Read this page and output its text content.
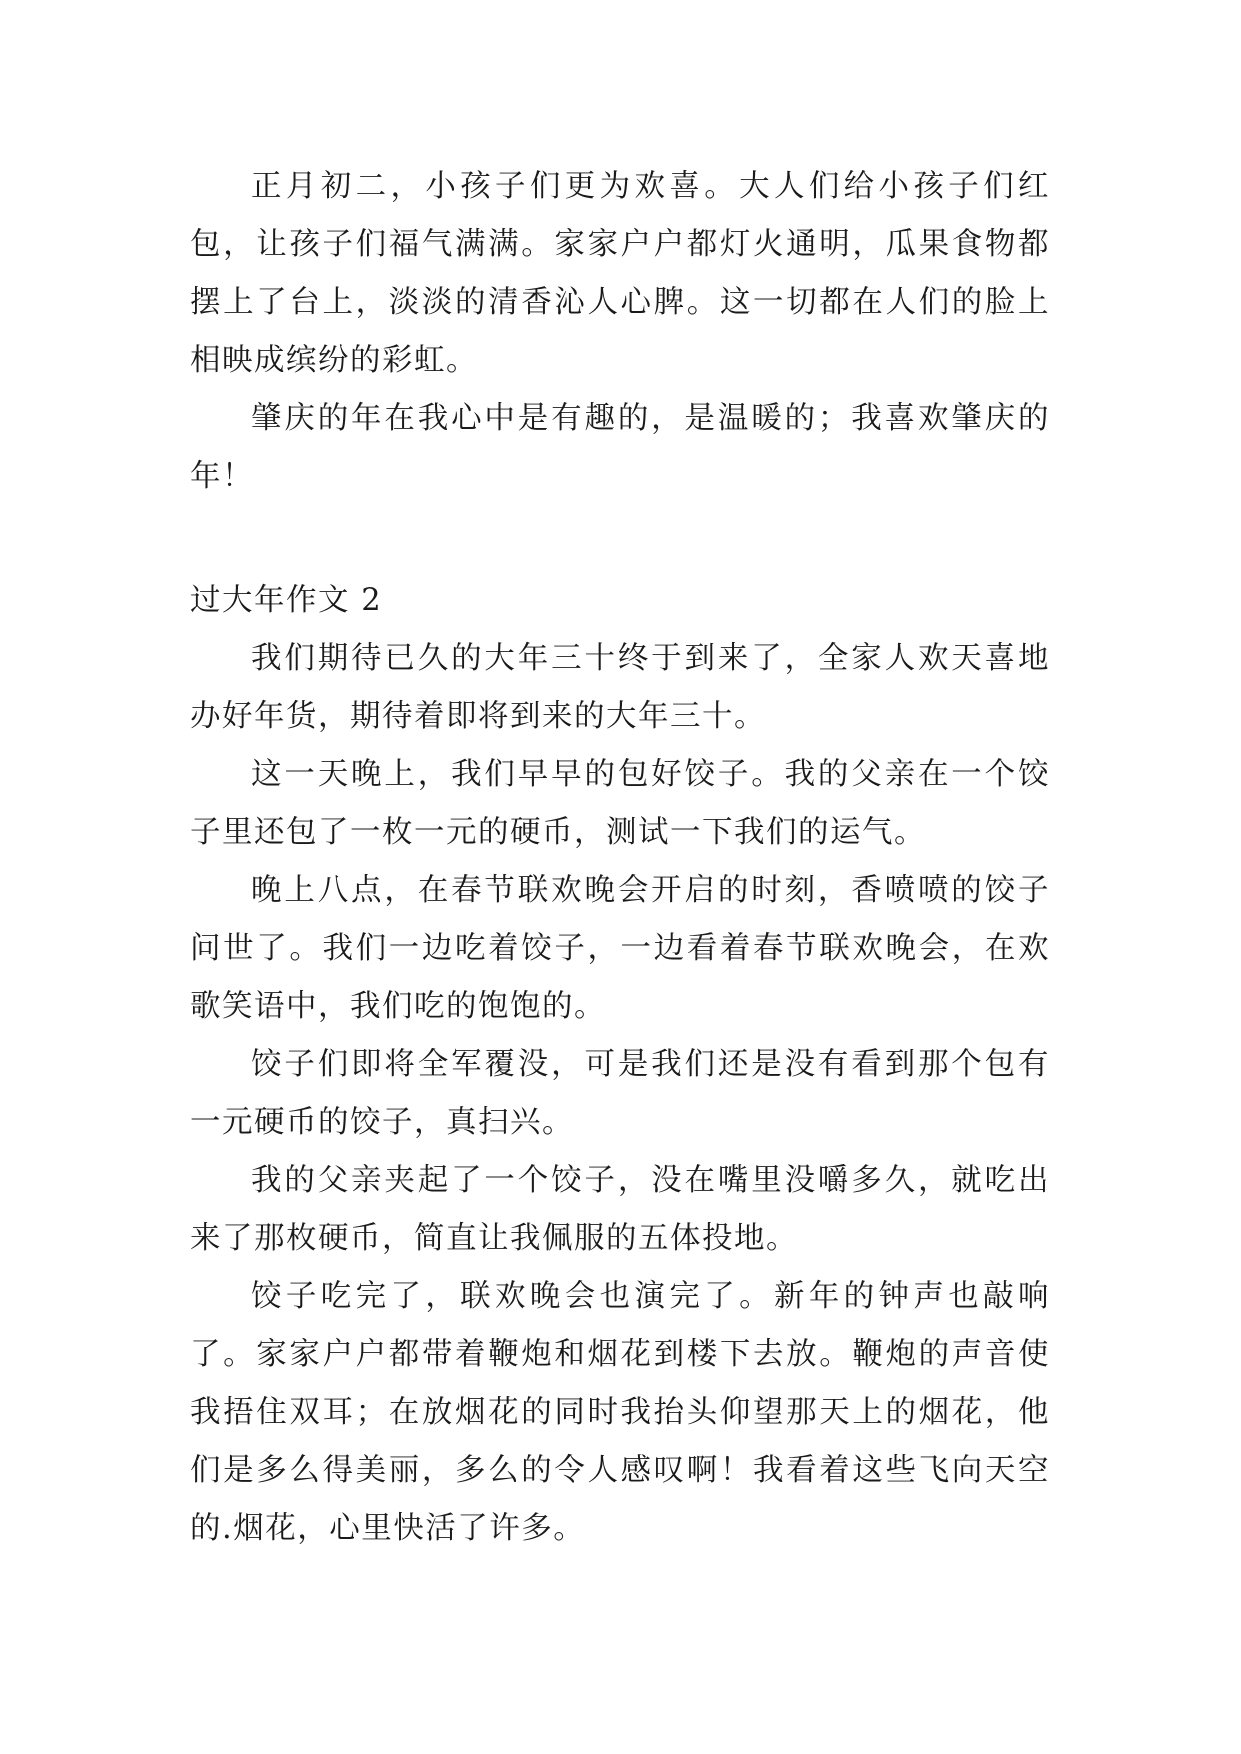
正月初二，小孩子们更为欢喜。大人们给小孩子们红包，让孩子们福气满满。家家户户都灯火通明，瓜果食物都摆上了台上，淡淡的清香沁人心脾。这一切都在人们的脸上相映成缤纷的彩虹。

肇庆的年在我心中是有趣的，是温暖的；我喜欢肇庆的年！

过大年作文 2

我们期待已久的大年三十终于到来了，全家人欢天喜地办好年货，期待着即将到来的大年三十。

这一天晚上，我们早早的包好饺子。我的父亲在一个饺子里还包了一枚一元的硬币，测试一下我们的运气。

晚上八点，在春节联欢晚会开启的时刻，香喷喷的饺子问世了。我们一边吃着饺子，一边看着春节联欢晚会，在欢歌笑语中，我们吃的饱饱的。

饺子们即将全军覆没，可是我们还是没有看到那个包有一元硬币的饺子，真扫兴。

我的父亲夹起了一个饺子，没在嘴里没嚼多久，就吃出来了那枚硬币，简直让我佩服的五体投地。

饺子吃完了，联欢晚会也演完了。新年的钟声也敲响了。家家户户都带着鞭炮和烟花到楼下去放。鞭炮的声音使我捂住双耳；在放烟花的同时我抬头仰望那天上的烟花，他们是多么得美丽，多么的令人感叹啊！我看着这些飞向天空的.烟花，心里快活了许多。
